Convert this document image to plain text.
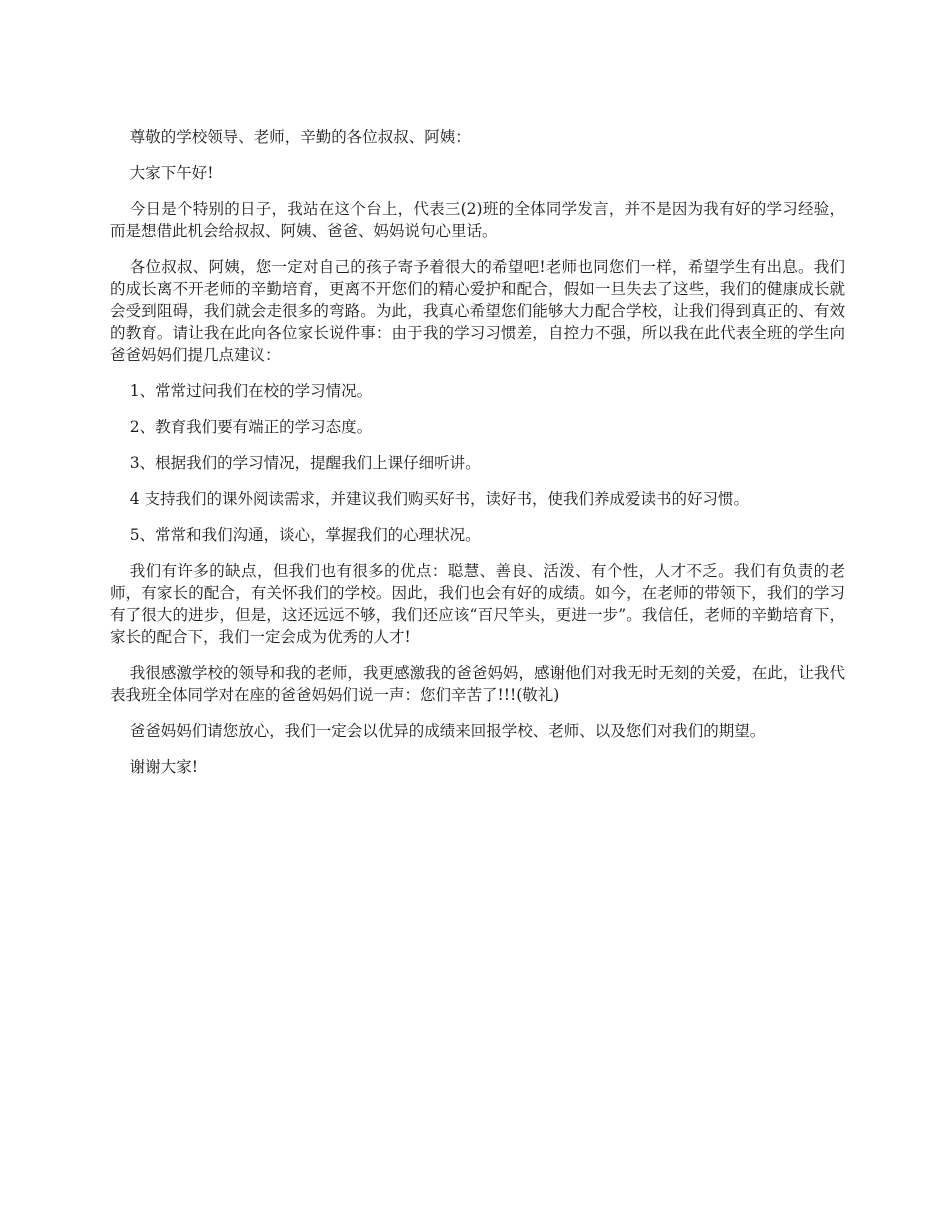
尊敬的学校领导、老师，辛勤的各位叔叔、阿姨：

大家下午好!

今日是个特别的日子，我站在这个台上，代表三(2)班的全体同学发言，并不是因为我有好的学习经验，而是想借此机会给叔叔、阿姨、爸爸、妈妈说句心里话。

各位叔叔、阿姨，您一定对自己的孩子寄予着很大的希望吧!老师也同您们一样，希望学生有出息。我们的成长离不开老师的辛勤培育，更离不开您们的精心爱护和配合，假如一旦失去了这些，我们的健康成长就会受到阻碍，我们就会走很多的弯路。为此，我真心希望您们能够大力配合学校，让我们得到真正的、有效的教育。请让我在此向各位家长说件事：由于我的学习习惯差，自控力不强，所以我在此代表全班的学生向爸爸妈妈们提几点建议：

1、常常过问我们在校的学习情况。

2、教育我们要有端正的学习态度。

3、根据我们的学习情况，提醒我们上课仔细听讲。

4 支持我们的课外阅读需求，并建议我们购买好书，读好书，使我们养成爱读书的好习惯。

5、常常和我们沟通，谈心，掌握我们的心理状况。

我们有许多的缺点，但我们也有很多的优点：聪慧、善良、活泼、有个性，人才不乏。我们有负责的老师，有家长的配合，有关怀我们的学校。因此，我们也会有好的成绩。如今，在老师的带领下，我们的学习有了很大的进步，但是，这还远远不够，我们还应该“百尺竿头，更进一步”。我信任，老师的辛勤培育下，家长的配合下，我们一定会成为优秀的人才!

我很感激学校的领导和我的老师，我更感激我的爸爸妈妈，感谢他们对我无时无刻的关爱，在此，让我代表我班全体同学对在座的爸爸妈妈们说一声：您们辛苦了!!!(敬礼)

爸爸妈妈们请您放心，我们一定会以优异的成绩来回报学校、老师、以及您们对我们的期望。

谢谢大家!
